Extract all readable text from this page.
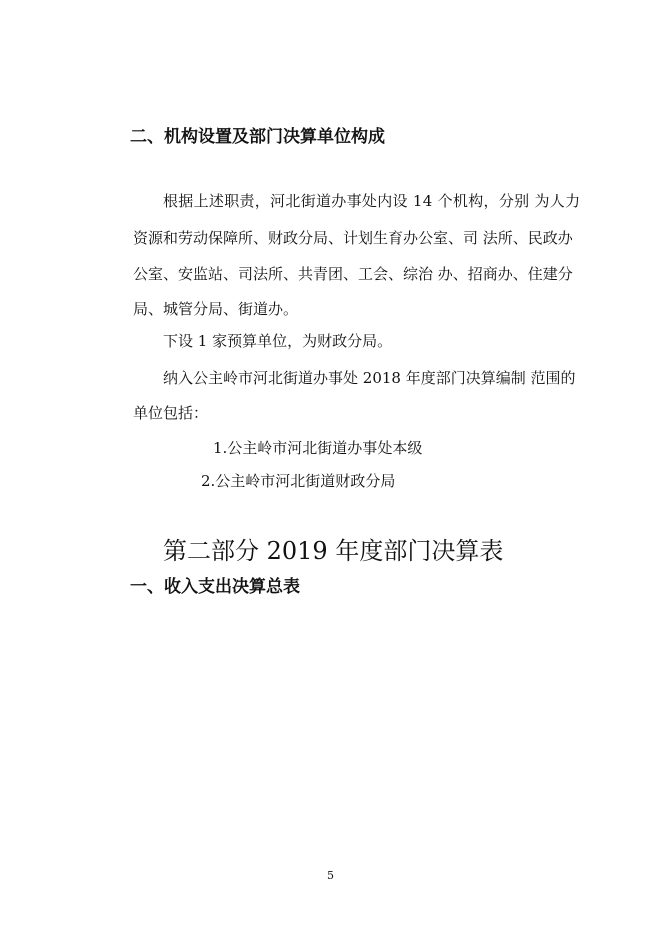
二、机构设置及部门决算单位构成
根据上述职责，河北街道办事处内设 14 个机构，分别 为人力
资源和劳动保障所、财政分局、计划生育办公室、司 法所、民政办
公室、安监站、司法所、共青团、工会、综治 办、招商办、住建分
局、城管分局、街道办。
下设 1 家预算单位，为财政分局。
纳入公主岭市河北街道办事处 2018 年度部门决算编制 范围的
单位包括：
1.公主岭市河北街道办事处本级
2.公主岭市河北街道财政分局
第二部分 2019 年度部门决算表
一、收入支出决算总表
5
